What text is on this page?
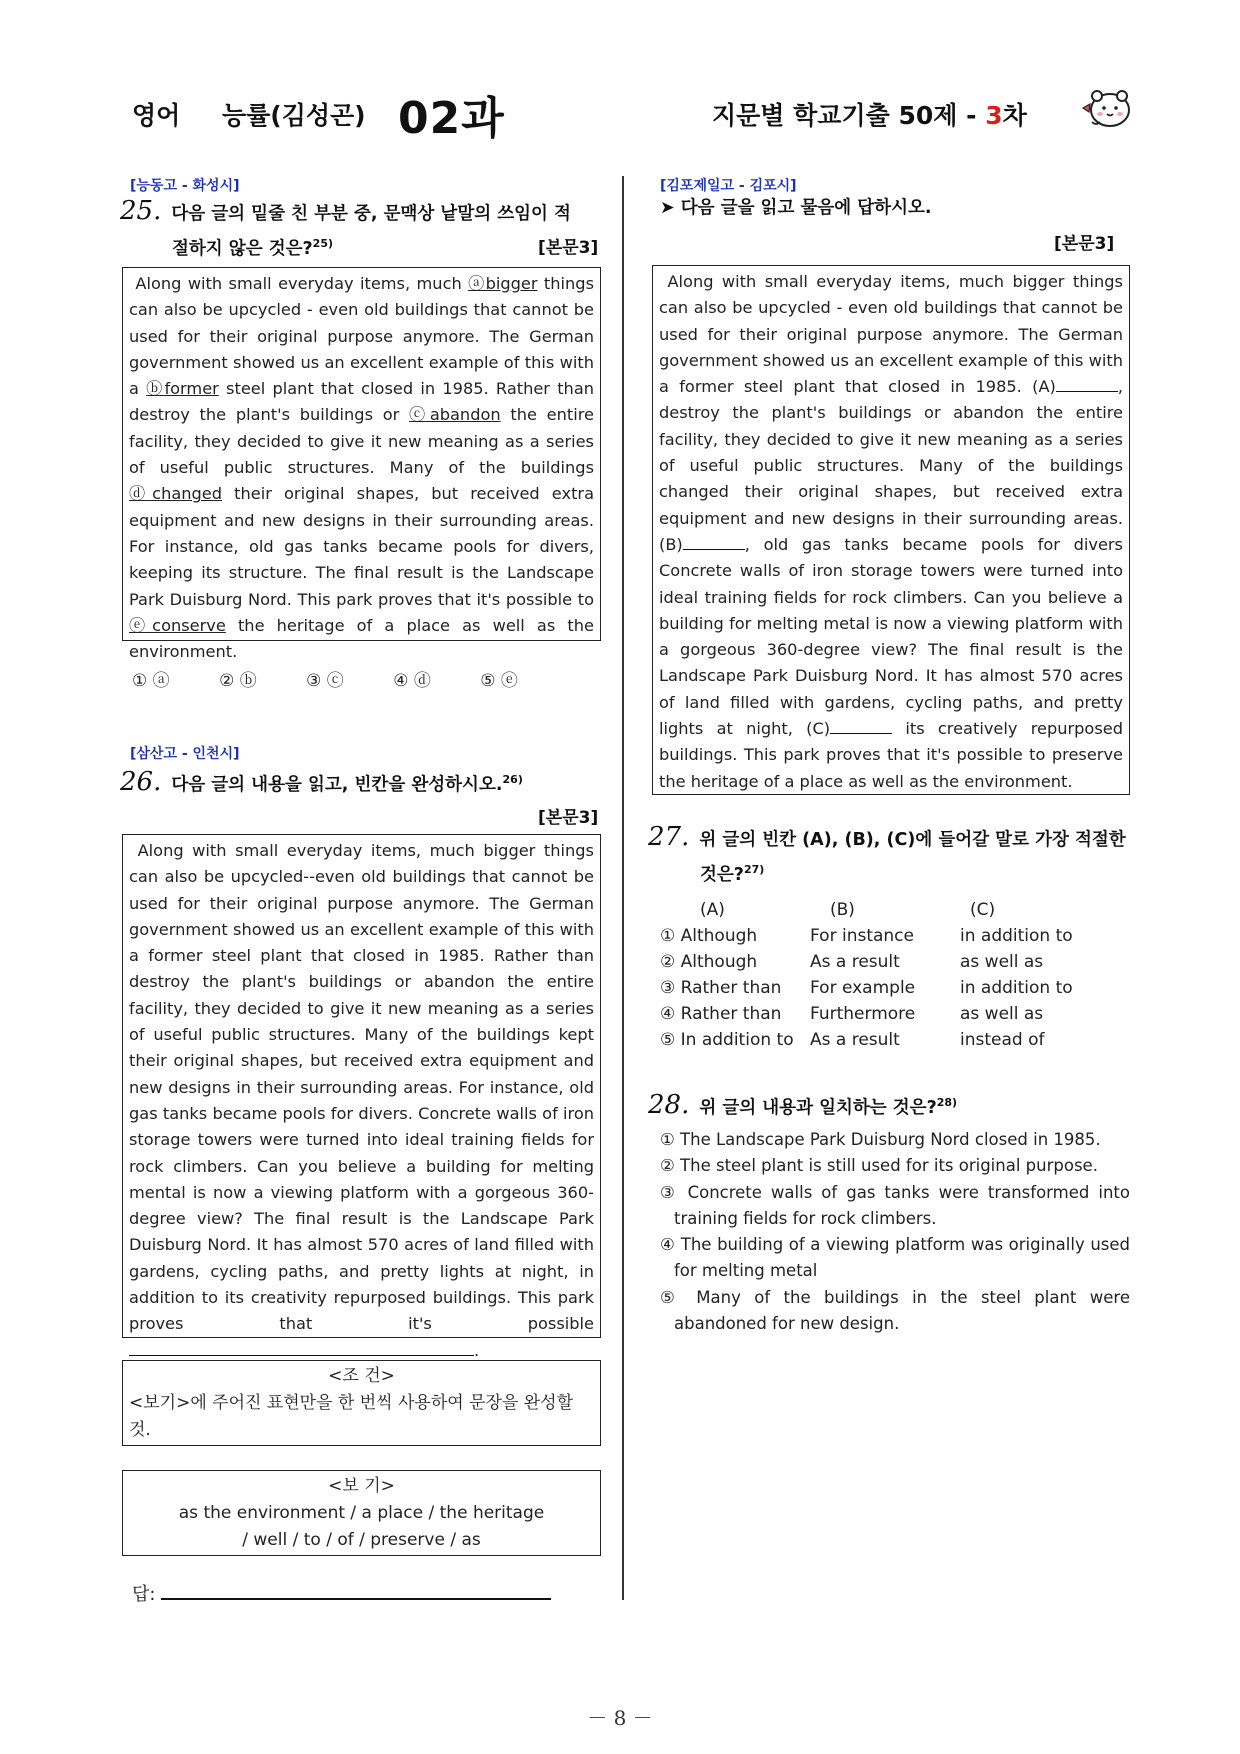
영어 능률(김성곤) 02과	지문별 학교기출 50제 - 3차
[능동고 - 화성시]
25. 다음 글의 밑줄 친 부분 중, 문맥상 낱말의 쓰임이 적
절하지 않은 것은?$^{25)}$	[본문3]

Along with small everyday items, much ⓐbigger things can also be upcycled - even old buildings that cannot be used for their original purpose anymore. The German government showed us an excellent example of this with a ⓑformer steel plant that closed in 1985. Rather than destroy the plant's buildings or ⓒabandon the entire facility, they decided to give it new meaning as a series of useful public structures. Many of the buildings ⓓchanged their original shapes, but received extra equipment and new designs in their surrounding areas. For instance, old gas tanks became pools for divers, keeping its structure. The final result is the Landscape Park Duisburg Nord. This park proves that it's possible to ⓔconserve the heritage of a place as well as the environment.

① ⓐ	② ⓑ	③ ⓒ	④ ⓓ	⑤ ⓔ
[삼산고 - 인천시]
26. 다음 글의 내용을 읽고, 빈칸을 완성하시오.$^{26)}$
[본문3]

Along with small everyday items, much bigger things can also be upcycled--even old buildings that cannot be used for their original purpose anymore. The German government showed us an excellent example of this with a former steel plant that closed in 1985. Rather than destroy the plant's buildings or abandon the entire facility, they decided to give it new meaning as a series of useful public structures. Many of the buildings kept their original shapes, but received extra equipment and new designs in their surrounding areas. For instance, old gas tanks became pools for divers. Concrete walls of iron storage towers were turned into ideal training fields for rock climbers. Can you believe a building for melting mental is now a viewing platform with a gorgeous 360-degree view? The final result is the Landscape Park Duisburg Nord. It has almost 570 acres of land filled with gardens, cycling paths, and pretty lights at night, in addition to its creativity repurposed buildings. This park proves that it's possible .

<조 건>
<보기>에 주어진 표현만을 한 번씩 사용하여 문장을 완성할 것.
<보 기>
as the environment / a place / the heritage
/ well / to / of / preserve / as
답:
[김포제일고 - 김포시]
➤ 다음 글을 읽고 물음에 답하시오.
[본문3]

Along with small everyday items, much bigger things can also be upcycled - even old buildings that cannot be used for their original purpose anymore. The German government showed us an excellent example of this with a former steel plant that closed in 1985. (A)	, destroy the plant's buildings or abandon the entire facility, they decided to give it new meaning as a series of useful public structures. Many of the buildings changed their original shapes, but received extra equipment and new designs in their surrounding areas. (B)	, old gas tanks became pools for divers Concrete walls of iron storage towers were turned into ideal training fields for rock climbers. Can you believe a building for melting metal is now a viewing platform with a gorgeous 360-degree view? The final result is the Landscape Park Duisburg Nord. It has almost 570 acres of land filled with gardens, cycling paths, and pretty lights at night, (C)	its creatively repurposed buildings. This park proves that it's possible to preserve the heritage of a place as well as the environment.

27. 위 글의 빈칸 (A), (B), (C)에 들어갈 말로 가장 적절한
것은?$^{27)}$
(A)	(B)	(C)
① Although	For instance	in addition to
② Although	As a result	as well as
③ Rather than	For example	in addition to
④ Rather than	Furthermore	as well as
⑤ In addition to	As a result	instead of
28. 위 글의 내용과 일치하는 것은?$^{28)}$
① The Landscape Park Duisburg Nord closed in 1985.
② The steel plant is still used for its original purpose.
③ Concrete walls of gas tanks were transformed into training fields for rock climbers.
④ The building of a viewing platform was originally used for melting metal
⑤ Many of the buildings in the steel plant were abandoned for new design.
－ 8 －
